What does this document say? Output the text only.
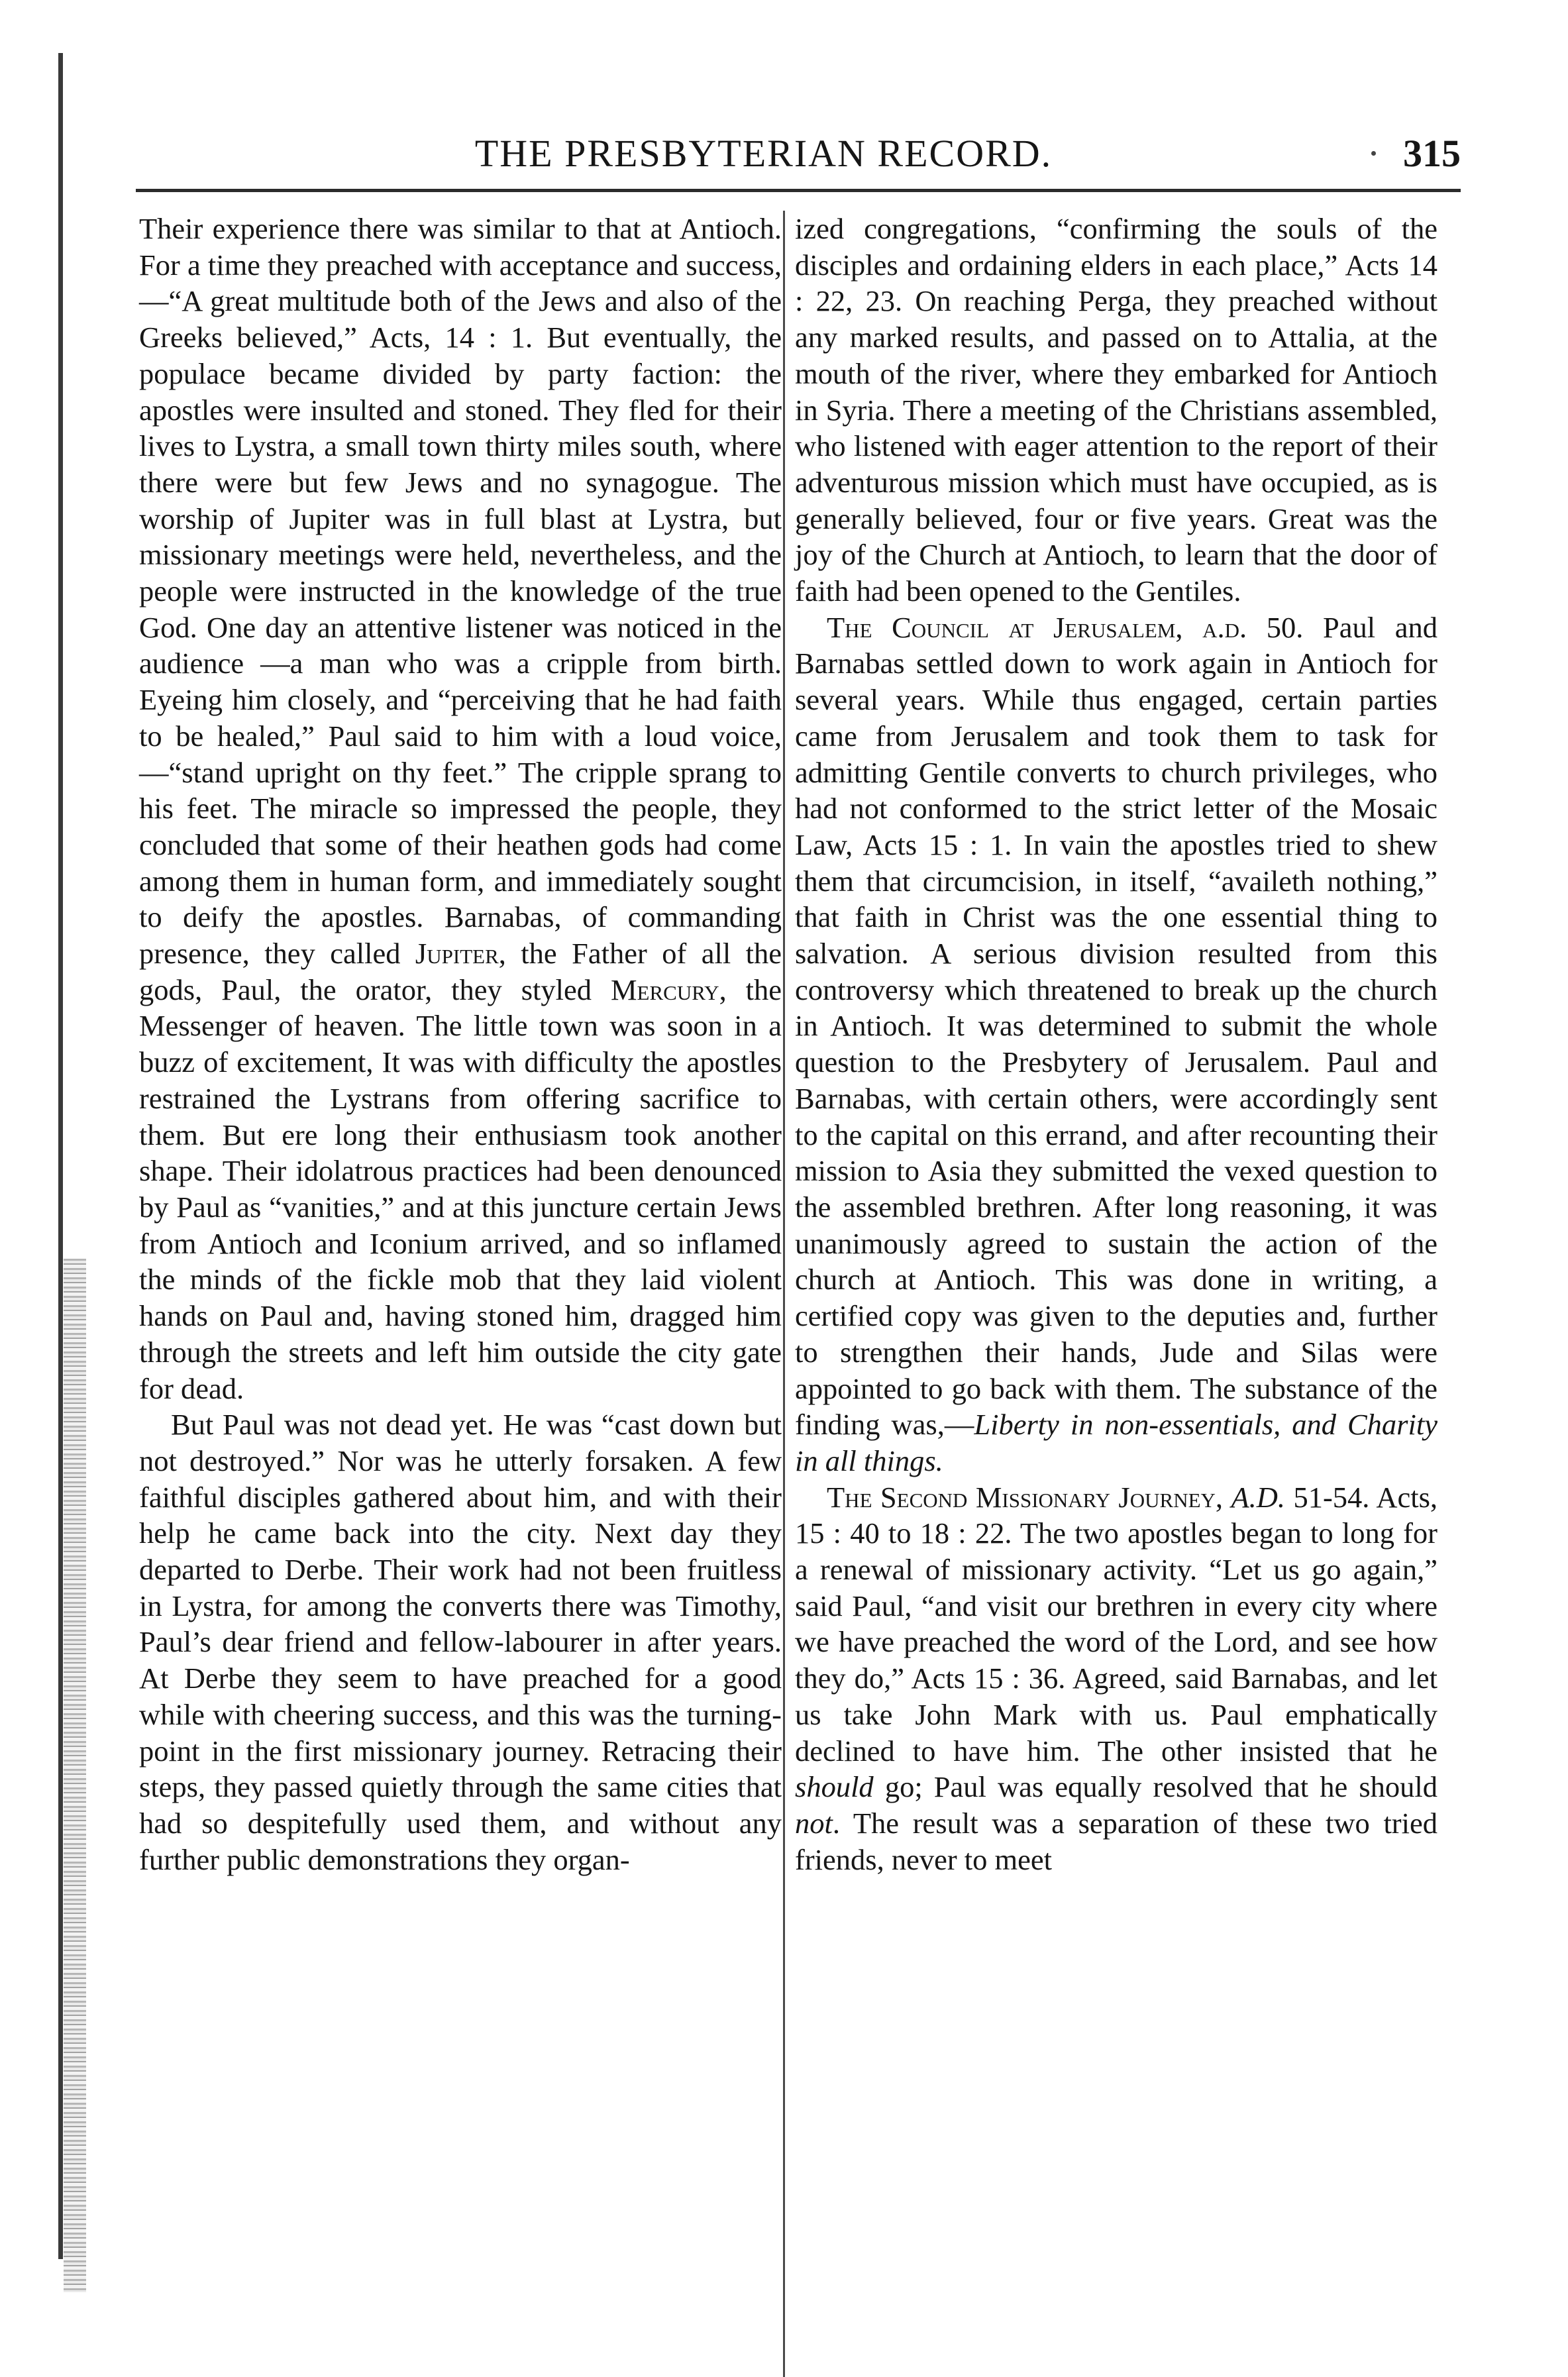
THE PRESBYTERIAN RECORD.	315

Their experience there was similar to that at Antioch. For a time they preached with acceptance and success,—“A great multitude both of the Jews and also of the Greeks believed,” Acts, 14 : 1. But eventually, the populace became divided by party faction: the apostles were insulted and stoned. They fled for their lives to Lystra, a small town thirty miles south, where there were but few Jews and no synagogue. The worship of Jupiter was in full blast at Lystra, but missionary meetings were held, nevertheless, and the people were instructed in the knowledge of the true God. One day an attentive listener was noticed in the audience —a man who was a cripple from birth. Eyeing him closely, and “perceiving that he had faith to be healed,” Paul said to him with a loud voice,—“stand upright on thy feet.” The cripple sprang to his feet. The miracle so impressed the people, they concluded that some of their heathen gods had come among them in human form, and immediately sought to deify the apostles. Barnabas, of commanding presence, they called Jupiter, the Father of all the gods, Paul, the orator, they styled Mercury, the Messenger of heaven. The little town was soon in a buzz of excitement, It was with difficulty the apostles restrained the Lystrans from offering sacrifice to them. But ere long their enthusiasm took another shape. Their idolatrous practices had been denounced by Paul as “vanities,” and at this juncture certain Jews from Antioch and Iconium arrived, and so inflamed the minds of the fickle mob that they laid violent hands on Paul and, having stoned him, dragged him through the streets and left him outside the city gate for dead.

But Paul was not dead yet. He was “cast down but not destroyed.” Nor was he utterly forsaken. A few faithful disciples gathered about him, and with their help he came back into the city. Next day they departed to Derbe. Their work had not been fruitless in Lystra, for among the converts there was Timothy, Paul’s dear friend and fellow-labourer in after years. At Derbe they seem to have preached for a good while with cheering success, and this was the turning-point in the first missionary journey. Retracing their steps, they passed quietly through the same cities that had so despitefully used them, and without any further public demonstrations they organ-

ized congregations, “confirming the souls of the disciples and ordaining elders in each place,” Acts 14 : 22, 23. On reaching Perga, they preached without any marked results, and passed on to Attalia, at the mouth of the river, where they embarked for Antioch in Syria. There a meeting of the Christians assembled, who listened with eager attention to the report of their adventurous mission which must have occupied, as is generally believed, four or five years. Great was the joy of the Church at Antioch, to learn that the door of faith had been opened to the Gentiles.

The Council at Jerusalem, a.d. 50. Paul and Barnabas settled down to work again in Antioch for several years. While thus engaged, certain parties came from Jerusalem and took them to task for admitting Gentile converts to church privileges, who had not conformed to the strict letter of the Mosaic Law, Acts 15 : 1. In vain the apostles tried to shew them that circumcision, in itself, “availeth nothing,” that faith in Christ was the one essential thing to salvation. A serious division resulted from this controversy which threatened to break up the church in Antioch. It was determined to submit the whole question to the Presbytery of Jerusalem. Paul and Barnabas, with certain others, were accordingly sent to the capital on this errand, and after recounting their mission to Asia they submitted the vexed question to the assembled brethren. After long reasoning, it was unanimously agreed to sustain the action of the church at Antioch. This was done in writing, a certified copy was given to the deputies and, further to strengthen their hands, Jude and Silas were appointed to go back with them. The substance of the finding was,—Liberty in non-essentials, and Charity in all things.

The Second Missionary Journey, A.D. 51-54. Acts, 15 : 40 to 18 : 22. The two apostles began to long for a renewal of missionary activity. “Let us go again,” said Paul, “and visit our brethren in every city where we have preached the word of the Lord, and see how they do,” Acts 15 : 36. Agreed, said Barnabas, and let us take John Mark with us. Paul emphatically declined to have him. The other insisted that he should go; Paul was equally resolved that he should not. The result was a separation of these two tried friends, never to meet
